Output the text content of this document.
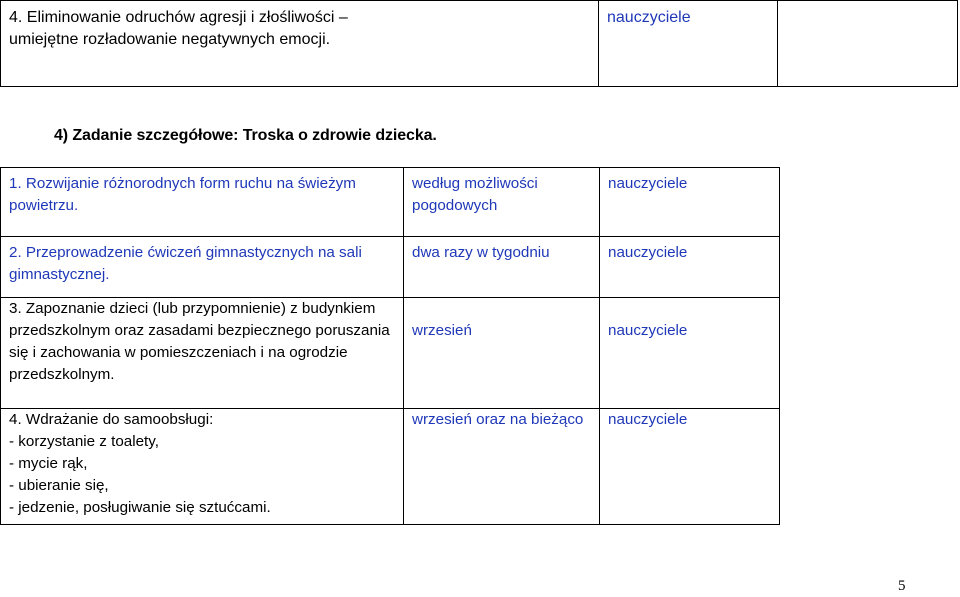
4. Eliminowanie odruchów agresji i złośliwości –
umiejętne rozładowanie negatywnych emocji.

nauczyciele

4) Zadanie szczegółowe: Troska o zdrowie dziecka.
1. Rozwijanie różnorodnych form ruchu na świeżym
powietrzu.	według możliwości
pogodowych	nauczyciele

2. Przeprowadzenie ćwiczeń gimnastycznych na sali
gimnastycznej.	dwa razy w tygodniu	nauczyciele

3. Zapoznanie dzieci (lub przypomnienie) z budynkiem
przedszkolnym oraz zasadami bezpiecznego poruszania
się i zachowania w pomieszczeniach i na ogrodzie
przedszkolnym.	wrzesień	nauczyciele

4. Wdrażanie do samoobsługi:
- korzystanie z toalety,
- mycie rąk,
- ubieranie się,
- jedzenie, posługiwanie się sztućcami.	wrzesień oraz na bieżąco	nauczyciele
5
